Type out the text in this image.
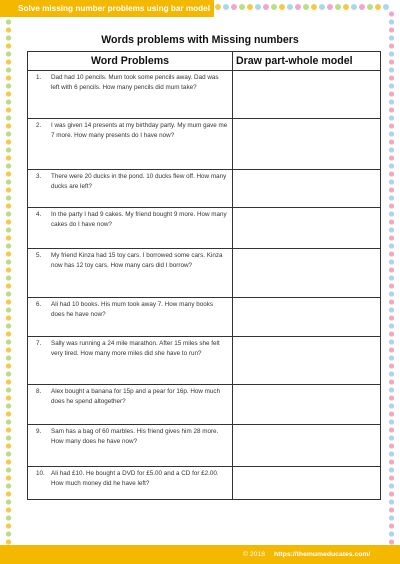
Solve missing number problems using bar model
Words problems with Missing numbers
Word Problems	Draw part-whole model

1. Dad had 10 pencils. Mum took some pencils away. Dad was left with 6 pencils. How many pencils did mum take?	

2. I was given 14 presents at my birthday party. My mum gave me 7 more. How many presents do I have now?	

3. There were 20 ducks in the pond. 10 ducks flew off. How many ducks are left?	

4. In the party I had 9 cakes. My friend bought 9 more. How many cakes do I have now?	

5. My friend Kinza had 15 toy cars. I borrowed some cars. Kinza now has 12 toy cars. How many cars did I borrow?	

6. Ali had 10 books. His mum took away 7. How many books does he have now?	

7. Sally was running a 24 mile marathon. After 15 miles she felt very tired. How many more miles did she have to run?	

8. Alex bought a banana for 15p and a pear for 16p. How much does he spend altogether?	

9. Sam has a bag of 60 marbles. His friend gives him 28 more. How many does he have now?	

10. Ali had £10. He bought a DVD for £5.00 and a CD for £2.00. How much money did he have left?	

© 2018 https://themumeducates.com/
